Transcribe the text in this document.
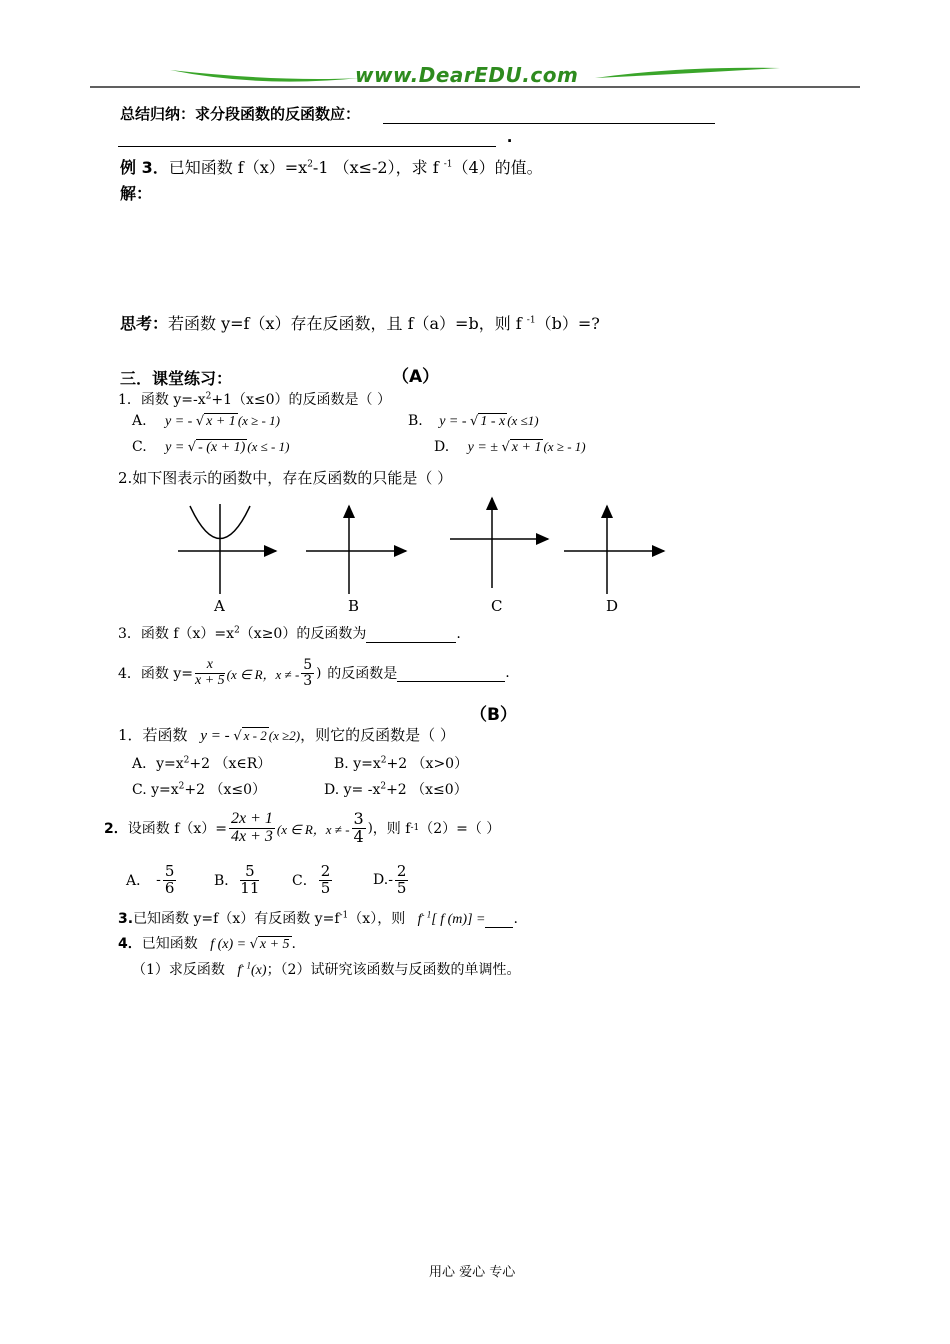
www.DearEDU.com
总结归纳：求分段函数的反函数应：
.
例 3．已知函数 $f(x)=x^2-1$ （x≤-2），求 f $^{-1}$（4）的值。
解：
思考：若函数 y=f（x）存在反函数，且 f（a）=b，则 f $^{-1}$（b）=?
三．课堂练习：	（A）
1．函数 $y=-x^2+1(x\le 0)$的反函数是（ ）
A. y = - √ x + 1 (x ≥ - 1)	B. y = - √ 1 - x (x ≤1)
C. y = √ - (x + 1) (x ≤ - 1)	D. y = ± √ x + 1 (x ≥ - 1)
2.如下图表示的函数中，存在反函数的只能是（ ）
A	B	C	D
3．函数 $f(x)=x^2(x\ge 0)$的反函数为	.
4．函数 $y= \frac{x}{x + 5} (x$ ∈ R，x ≠ - $\frac{5}{3}$ ) 的反函数是
	.
（B）
1．若函数 y = - √ x - 2 (x ≥2)，则它的反函数是（ ）
A．$y=x^2+2$ （x∈R）	B. $y=x^2+2$ （x>0）
C. $y=x^2+2$ （x≤0）	D. $y= -x^2+2$ （x≤0）
2． 设函数 $f(x)= \frac{2x + 1}{4x + 3} (x$ ∈ R，x ≠ - $\frac{3}{4}$ ) ，则 f -1 （2）=（ ）
A． - $\frac{5}{6}$	B． $\frac{5}{11}$ C． $\frac{2}{5}$	D. - $\frac{2}{5}$
3.已知函数 y=f（x）有反函数 $y=f^{-1}(x)$，则 $f^{- 1}$[ f (m)] = .
4．已知函数 f (x) = √ x + 5 .
（1）求反函数 $f^{- 1}(x)$；（2）试研究该函数与反函数的单调性。
用心 爱心 专心
